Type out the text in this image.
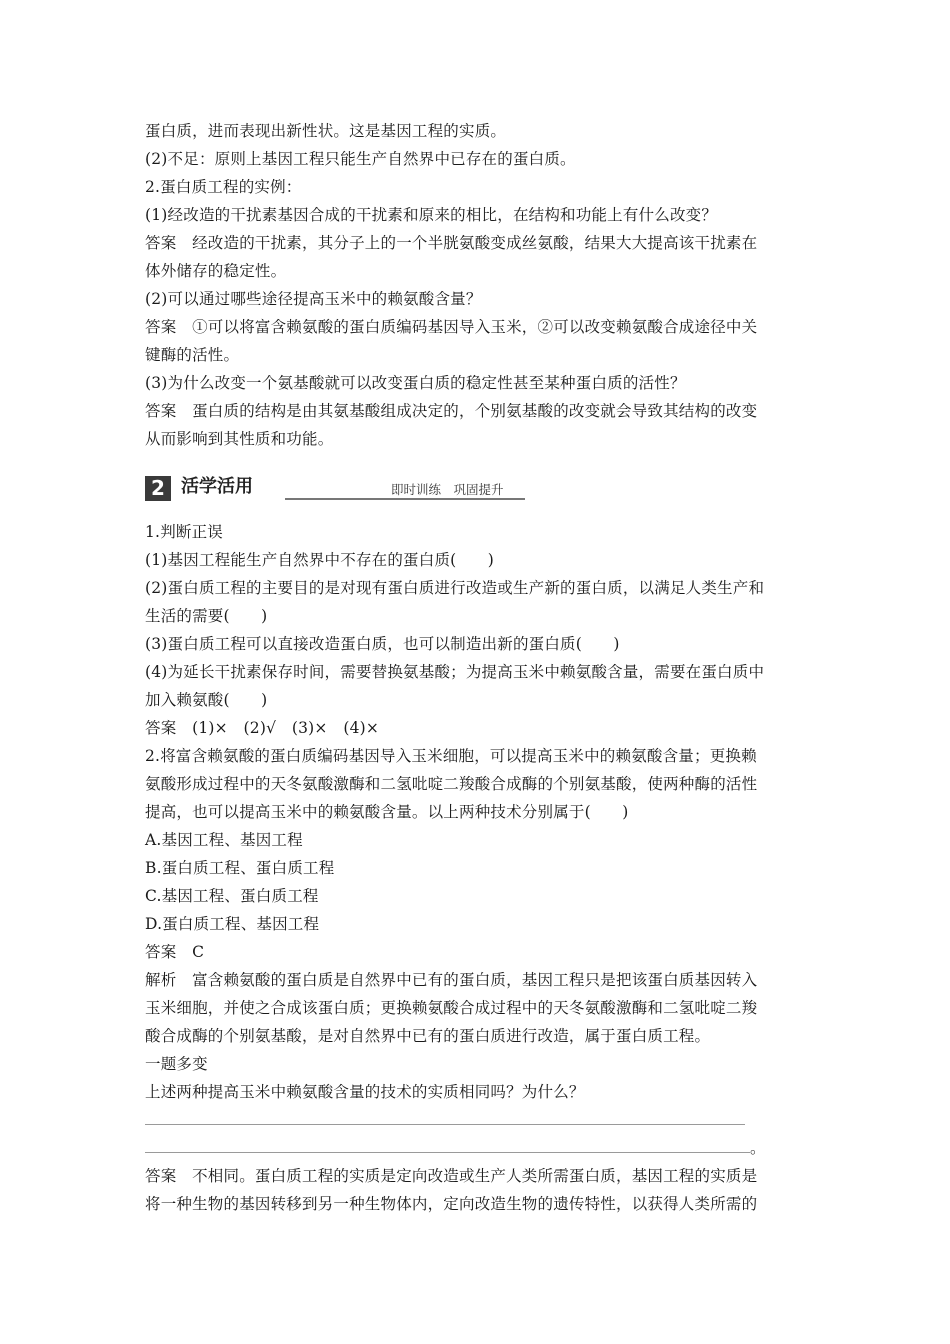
蛋白质，进而表现出新性状。这是基因工程的实质。
(2)不足：原则上基因工程只能生产自然界中已存在的蛋白质。
2.蛋白质工程的实例：
(1)经改造的干扰素基因合成的干扰素和原来的相比，在结构和功能上有什么改变？
答案　经改造的干扰素，其分子上的一个半胱氨酸变成丝氨酸，结果大大提高该干扰素在
体外储存的稳定性。
(2)可以通过哪些途径提高玉米中的赖氨酸含量？
答案　①可以将富含赖氨酸的蛋白质编码基因导入玉米，②可以改变赖氨酸合成途径中关
键酶的活性。
(3)为什么改变一个氨基酸就可以改变蛋白质的稳定性甚至某种蛋白质的活性？
答案　蛋白质的结构是由其氨基酸组成决定的，个别氨基酸的改变就会导致其结构的改变
从而影响到其性质和功能。
2 活学活用	即时训练　巩固提升
1.判断正误
(1)基因工程能生产自然界中不存在的蛋白质(　　)
(2)蛋白质工程的主要目的是对现有蛋白质进行改造或生产新的蛋白质，以满足人类生产和
生活的需要(　　)
(3)蛋白质工程可以直接改造蛋白质，也可以制造出新的蛋白质(　　)
(4)为延长干扰素保存时间，需要替换氨基酸；为提高玉米中赖氨酸含量，需要在蛋白质中
加入赖氨酸(　　)
答案　(1)×　(2)√　(3)×　(4)×
2.将富含赖氨酸的蛋白质编码基因导入玉米细胞，可以提高玉米中的赖氨酸含量；更换赖
氨酸形成过程中的天冬氨酸激酶和二氢吡啶二羧酸合成酶的个别氨基酸，使两种酶的活性
提高，也可以提高玉米中的赖氨酸含量。以上两种技术分别属于(　　)
A.基因工程、基因工程
B.蛋白质工程、蛋白质工程
C.基因工程、蛋白质工程
D.蛋白质工程、基因工程
答案　C
解析　富含赖氨酸的蛋白质是自然界中已有的蛋白质，基因工程只是把该蛋白质基因转入
玉米细胞，并使之合成该蛋白质；更换赖氨酸合成过程中的天冬氨酸激酶和二氢吡啶二羧
酸合成酶的个别氨基酸，是对自然界中已有的蛋白质进行改造，属于蛋白质工程。
一题多变
上述两种提高玉米中赖氨酸含量的技术的实质相同吗？为什么？
。
答案　不相同。蛋白质工程的实质是定向改造或生产人类所需蛋白质，基因工程的实质是
将一种生物的基因转移到另一种生物体内，定向改造生物的遗传特性，以获得人类所需的
